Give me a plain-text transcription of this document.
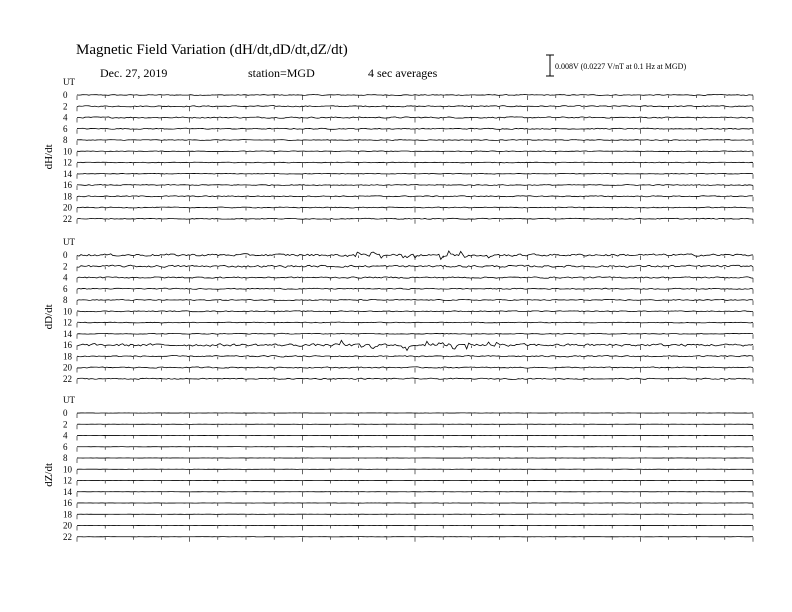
Magnetic Field Variation (dH/dt,dD/dt,dZ/dt)
Dec. 27, 2019	station=MGD	4 sec averages	0.008V (0.0227 V/nT at 0.1 Hz at MGD)
UT
dH/dt
0
2
4
6
8
10
12
14
16
18
20
22
UT
dD/dt
0
2
4
6
8
10
12
14
16
18
20
22
UT
dZ/dt
0
2
4
6
8
10
12
14
16
18
20
22
